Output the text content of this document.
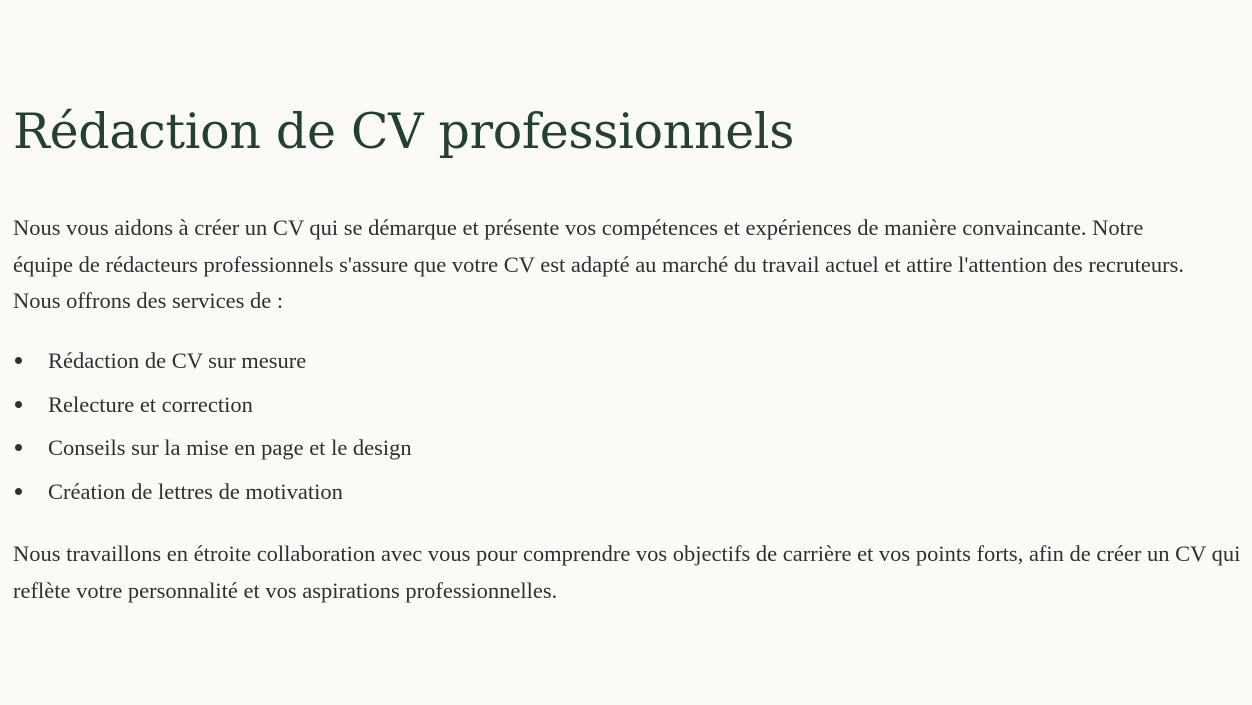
Rédaction de CV professionnels

Nous vous aidons à créer un CV qui se démarque et présente vos compétences et expériences de manière convaincante. Notre équipe de rédacteurs professionnels s'assure que votre CV est adapté au marché du travail actuel et attire l'attention des recruteurs. Nous offrons des services de :

Rédaction de CV sur mesure
Relecture et correction
Conseils sur la mise en page et le design
Création de lettres de motivation

Nous travaillons en étroite collaboration avec vous pour comprendre vos objectifs de carrière et vos points forts, afin de créer un CV qui reflète votre personnalité et vos aspirations professionnelles.
